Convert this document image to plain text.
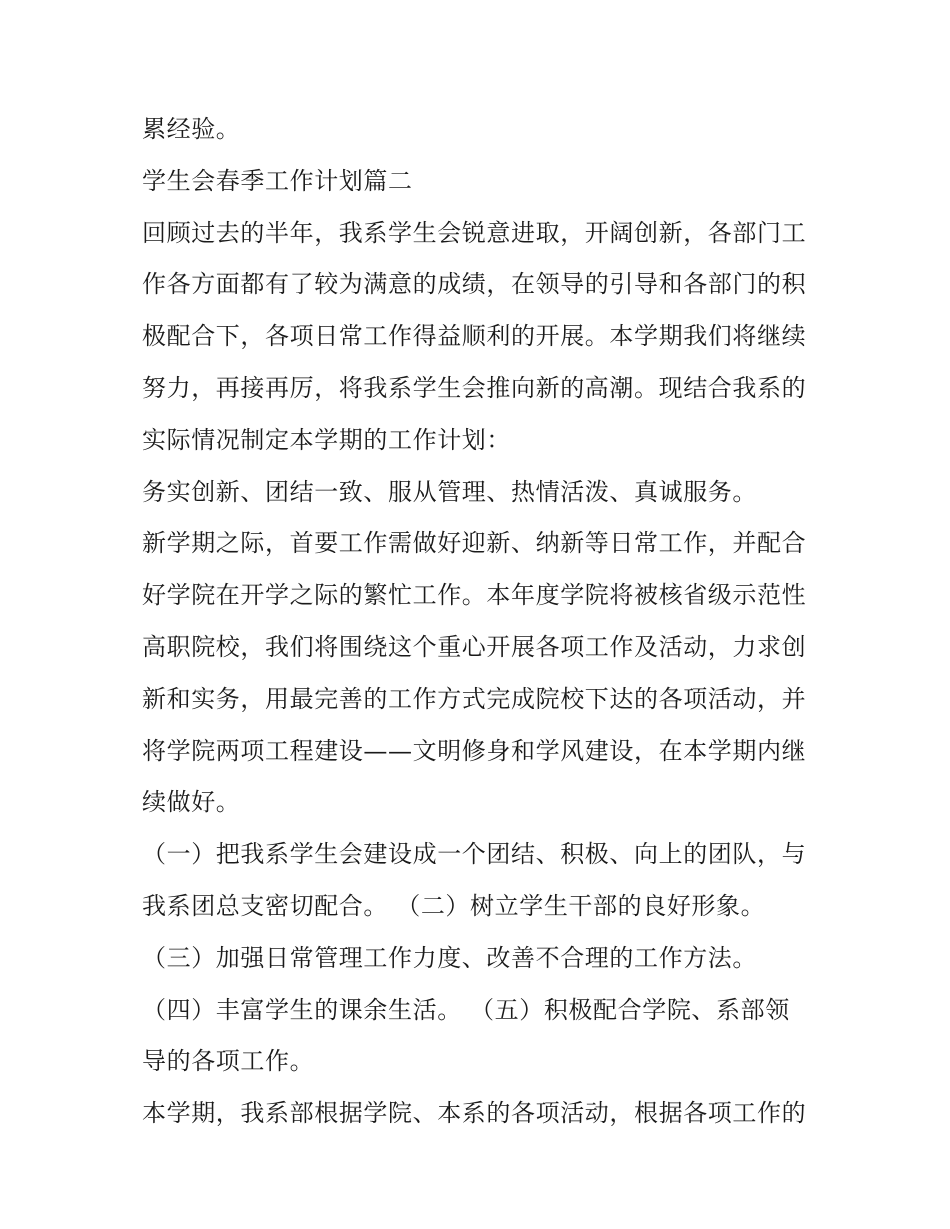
累经验。
学生会春季工作计划篇二
回顾过去的半年，我系学生会锐意进取，开阔创新，各部门工
作各方面都有了较为满意的成绩，在领导的引导和各部门的积
极配合下，各项日常工作得益顺利的开展。本学期我们将继续
努力，再接再厉，将我系学生会推向新的高潮。现结合我系的
实际情况制定本学期的工作计划：
务实创新、团结一致、服从管理、热情活泼、真诚服务。
新学期之际，首要工作需做好迎新、纳新等日常工作，并配合
好学院在开学之际的繁忙工作。本年度学院将被核省级示范性
高职院校，我们将围绕这个重心开展各项工作及活动，力求创
新和实务，用最完善的工作方式完成院校下达的各项活动，并
将学院两项工程建设——文明修身和学风建设，在本学期内继
续做好。
（一）把我系学生会建设成一个团结、积极、向上的团队，与
我系团总支密切配合。 （二）树立学生干部的良好形象。
（三）加强日常管理工作力度、改善不合理的工作方法。
（四）丰富学生的课余生活。 （五）积极配合学院、系部领
导的各项工作。
本学期，我系部根据学院、本系的各项活动，根据各项工作的
